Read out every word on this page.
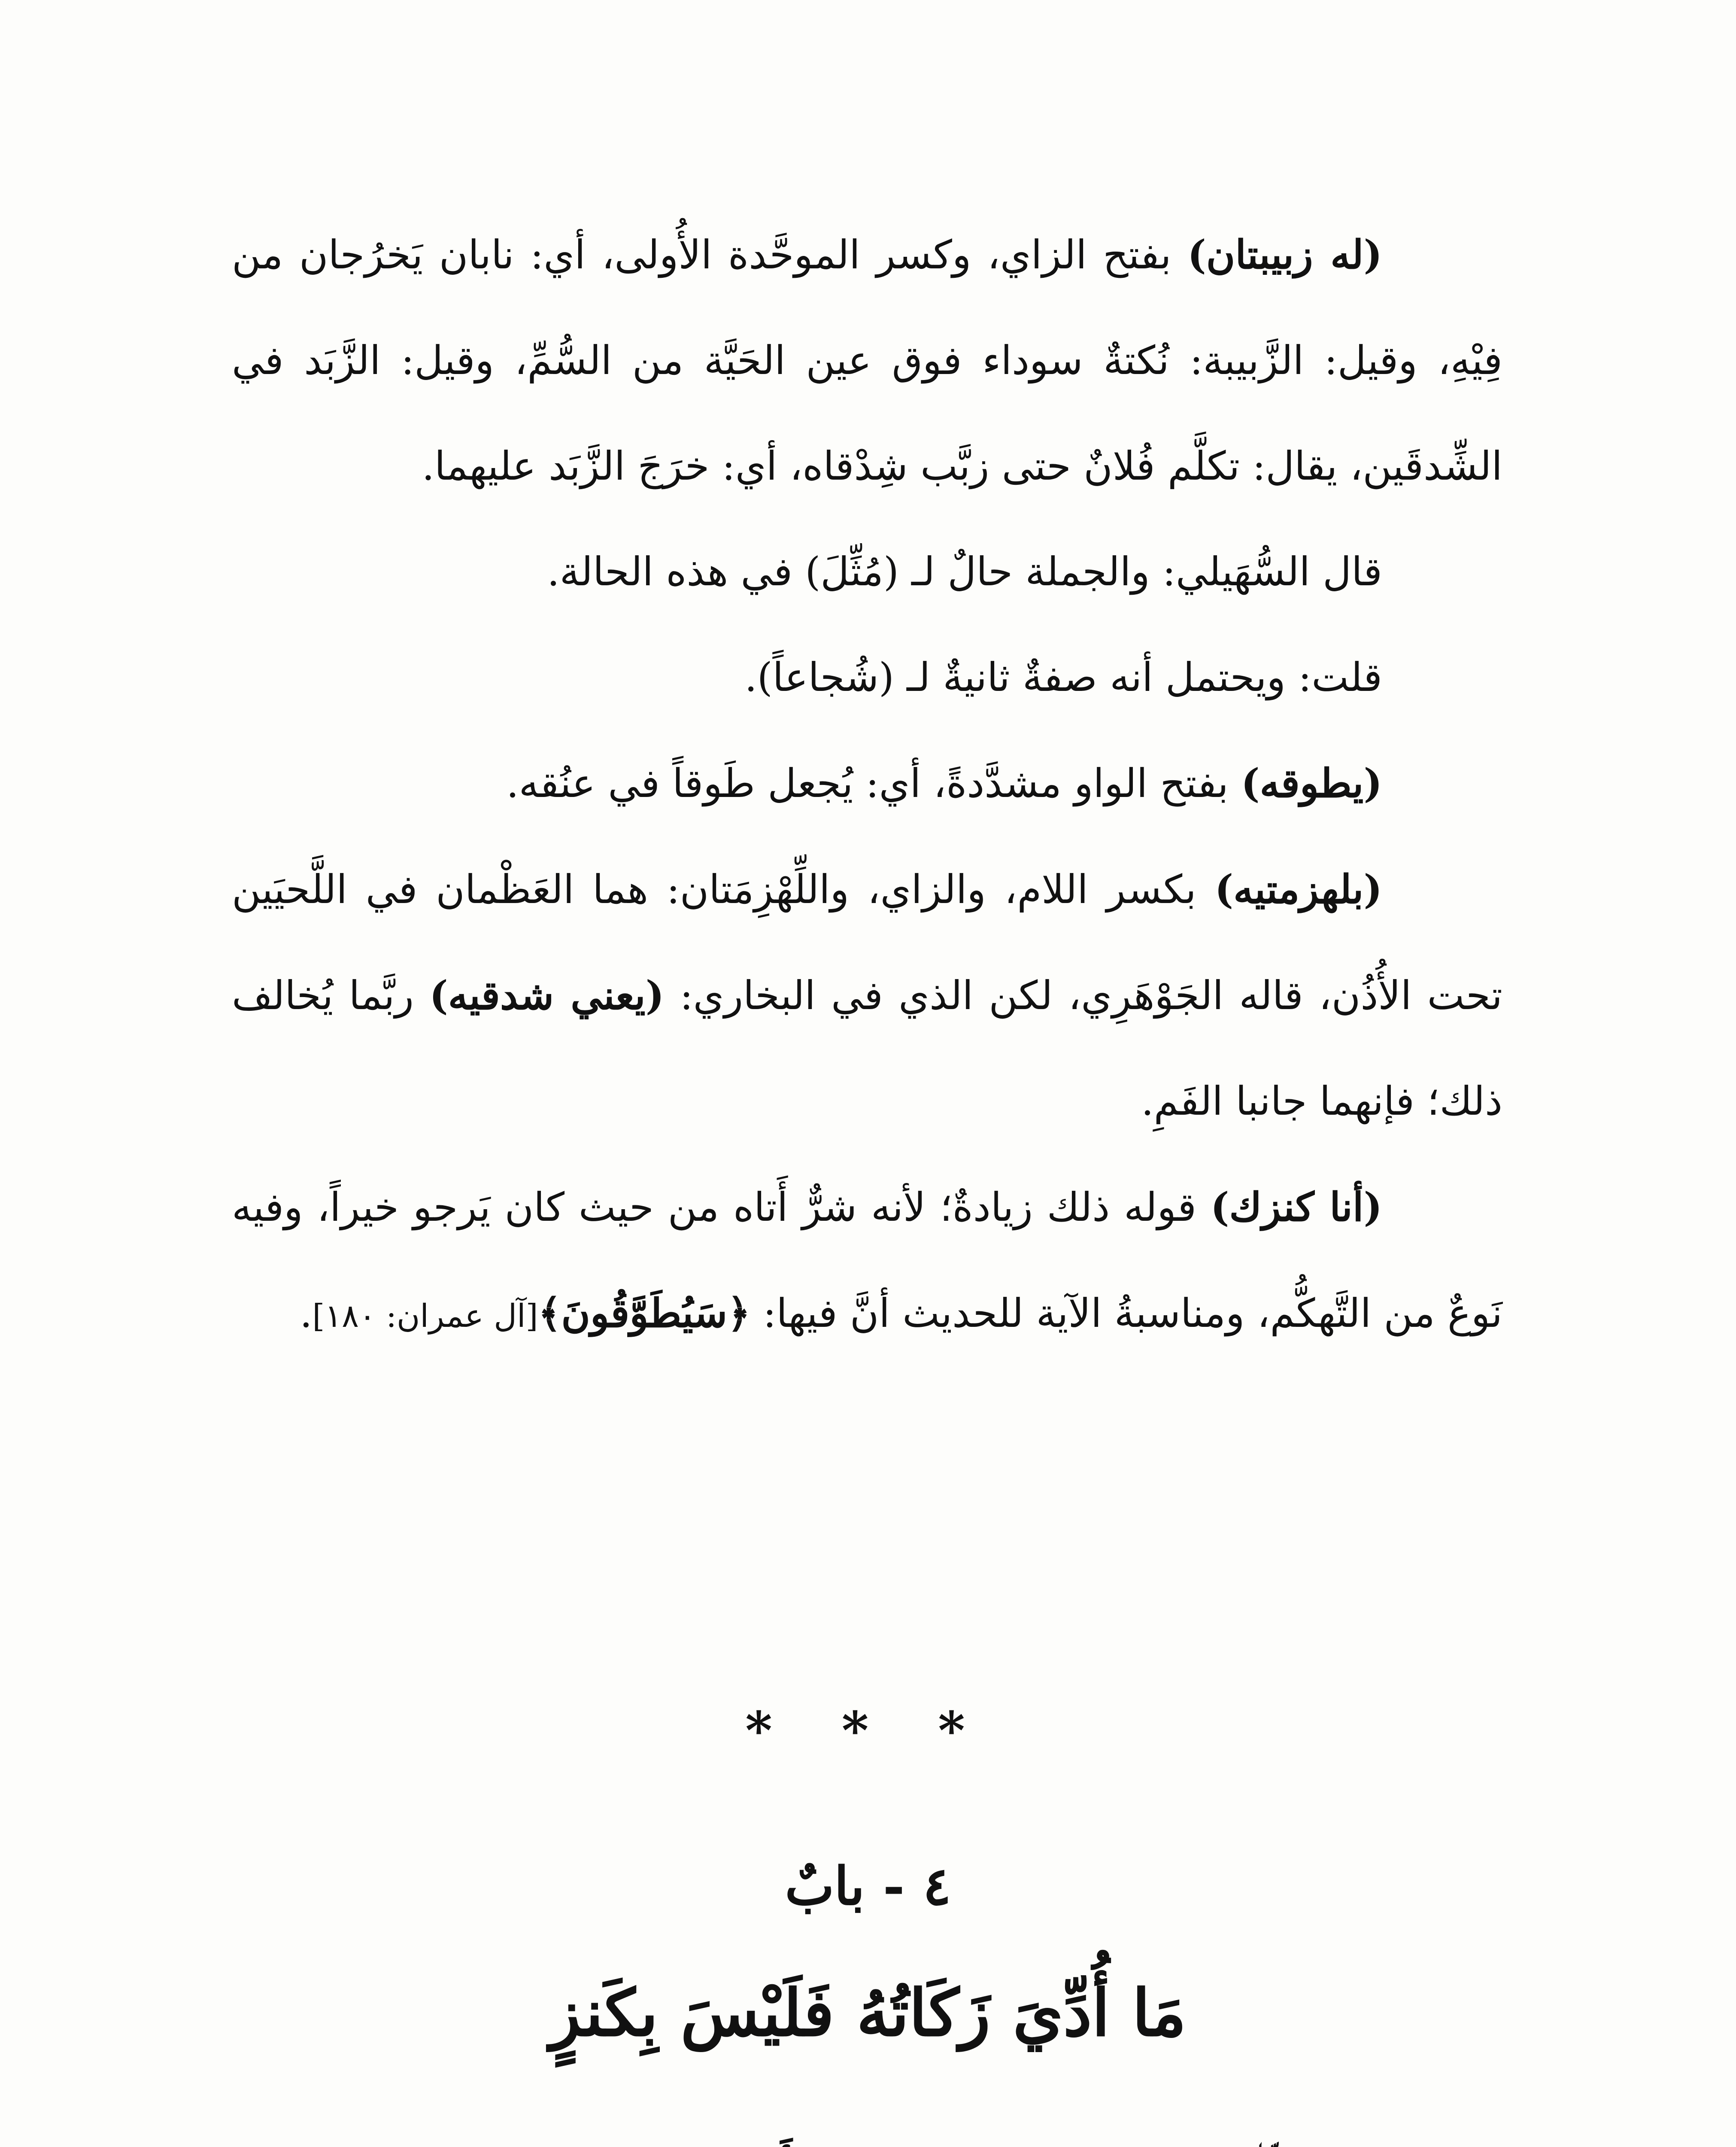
(له زبيبتان) بفتح الزاي، وكسر الموحَّدة الأُولى، أي: نابان يَخرُجان من فِيْهِ، وقيل: الزَّبيبة: نُكتةٌ سوداء فوق عين الحَيَّة من السُّمِّ، وقيل: الزَّبَد في الشِّدقَين، يقال: تكلَّم فُلانٌ حتى زبَّب شِدْقاه، أي: خرَجَ الزَّبَد عليهما.

قال السُّهَيلي: والجملة حالٌ لـ (مُثِّلَ) في هذه الحالة.

قلت: ويحتمل أنه صفةٌ ثانيةٌ لـ (شُجاعاً).

(يطوقه) بفتح الواو مشدَّدةً، أي: يُجعل طَوقاً في عنُقه.

(بلهزمتيه) بكسر اللام، والزاي، واللِّهْزِمَتان: هما العَظْمان في اللَّحيَين تحت الأُذُن، قاله الجَوْهَرِي، لكن الذي في البخاري: (يعني شدقيه) ربَّما يُخالف ذلك؛ فإنهما جانبا الفَمِ.

(أنا كنزك) قوله ذلك زيادةٌ؛ لأنه شرٌّ أَتاه من حيث كان يَرجو خيراً، وفيه نَوعٌ من التَّهكُّم، ومناسبةُ الآية للحديث أنَّ فيها: ﴿سَيُطَوَّقُونَ﴾[آل عمران: ١٨٠].

* * *
٤ - بابٌ
مَا أُدِّيَ زَكَاتُهُ فَلَيْسَ بِكَنزٍ
